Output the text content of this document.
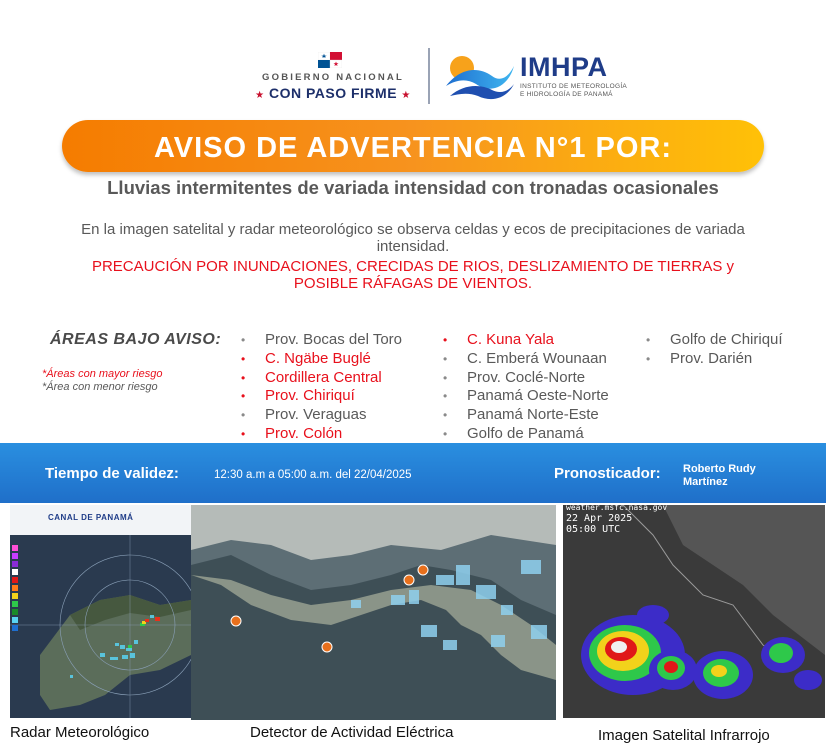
GOBIERNO NACIONAL
★ CON PASO FIRME ★
IMHPA
INSTITUTO DE METEOROLOGÍA
E HIDROLOGÍA DE PANAMÁ
AVISO DE ADVERTENCIA N°1 POR:
Lluvias intermitentes de variada intensidad con tronadas ocasionales
En la imagen satelital y radar meteorológico se observa celdas y ecos de precipitaciones de variada intensidad.
PRECAUCIÓN POR INUNDACIONES, CRECIDAS DE RIOS, DESLIZAMIENTO DE TIERRAS y POSIBLE RÁFAGAS DE VIENTOS.
ÁREAS BAJO AVISO:
*Áreas con mayor riesgo
*Área con menor riesgo
• Prov. Bocas del Toro
• C. Ngäbe Buglé
• Cordillera Central
• Prov. Chiriquí
• Prov. Veraguas
• Prov. Colón
• C. Kuna Yala
• C. Emberá Wounaan
• Prov. Coclé-Norte
• Panamá Oeste-Norte
• Panamá Norte-Este
• Golfo de Panamá
• Golfo de Chiriquí
• Prov. Darién
Tiempo de validez:	12:30 a.m a 05:00 a.m. del 22/04/2025	Pronosticador: Roberto Rudy Martínez
CANAL DE PANAMÁ
weather.msfc.nasa.gov
22 Apr 2025
05:00 UTC
Radar Meteorológico	Detector de Actividad Eléctrica	Imagen Satelital Infrarrojo
